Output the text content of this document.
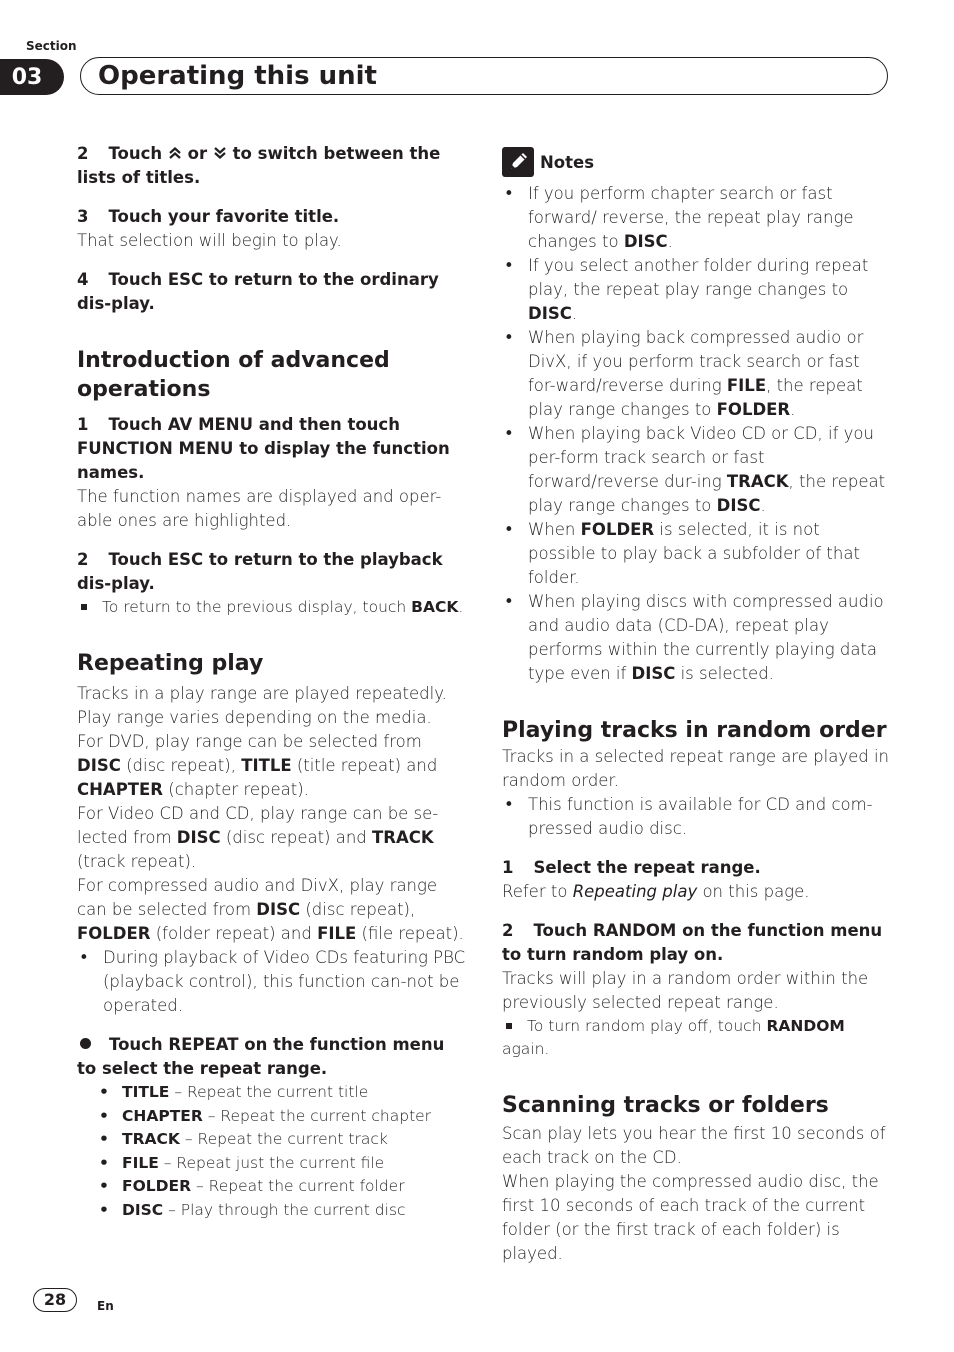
Section
03	Operating this unit

2 Touch or to switch between the lists of titles.

3 Touch your favorite title.

That selection will begin to play.

4 Touch ESC to return to the ordinary dis-play.

Introduction of advanced operations

1 Touch AV MENU and then touch FUNCTION MENU to display the function names.

The function names are displayed and oper-able ones are highlighted.

2 Touch ESC to return to the playback dis-play.

To return to the previous display, touch BACK.

Repeating play

Tracks in a play range are played repeatedly. Play range varies depending on the media.

For DVD, play range can be selected from DISC (disc repeat), TITLE (title repeat) and CHAPTER (chapter repeat).

For Video CD and CD, play range can be se-lected from DISC (disc repeat) and TRACK (track repeat).

For compressed audio and DivX, play range can be selected from DISC (disc repeat), FOLDER (folder repeat) and FILE (file repeat).

• During playback of Video CDs featuring PBC (playback control), this function can-not be operated.

Touch REPEAT on the function menu to select the repeat range.

• TITLE – Repeat the current title
• CHAPTER – Repeat the current chapter
• TRACK – Repeat the current track
• FILE – Repeat just the current file
• FOLDER – Repeat the current folder
• DISC – Play through the current disc
Notes
• If you perform chapter search or fast forward/ reverse, the repeat play range changes to DISC.
• If you select another folder during repeat play, the repeat play range changes to DISC.
• When playing back compressed audio or DivX, if you perform track search or fast for-ward/reverse during FILE, the repeat play range changes to FOLDER.
• When playing back Video CD or CD, if you per-form track search or fast forward/reverse dur-ing TRACK, the repeat play range changes to DISC.
• When FOLDER is selected, it is not possible to play back a subfolder of that folder.
• When playing discs with compressed audio and audio data (CD-DA), repeat play performs within the currently playing data type even if DISC is selected.
Playing tracks in random order

Tracks in a selected repeat range are played in random order.

• This function is available for CD and com-pressed audio disc.

1 Select the repeat range.

Refer to Repeating play on this page.

2 Touch RANDOM on the function menu to turn random play on.

Tracks will play in a random order within the previously selected repeat range.

To turn random play off, touch RANDOM again.

Scanning tracks or folders

Scan play lets you hear the first 10 seconds of each track on the CD.

When playing the compressed audio disc, the first 10 seconds of each track of the current folder (or the first track of each folder) is played.

28	En
